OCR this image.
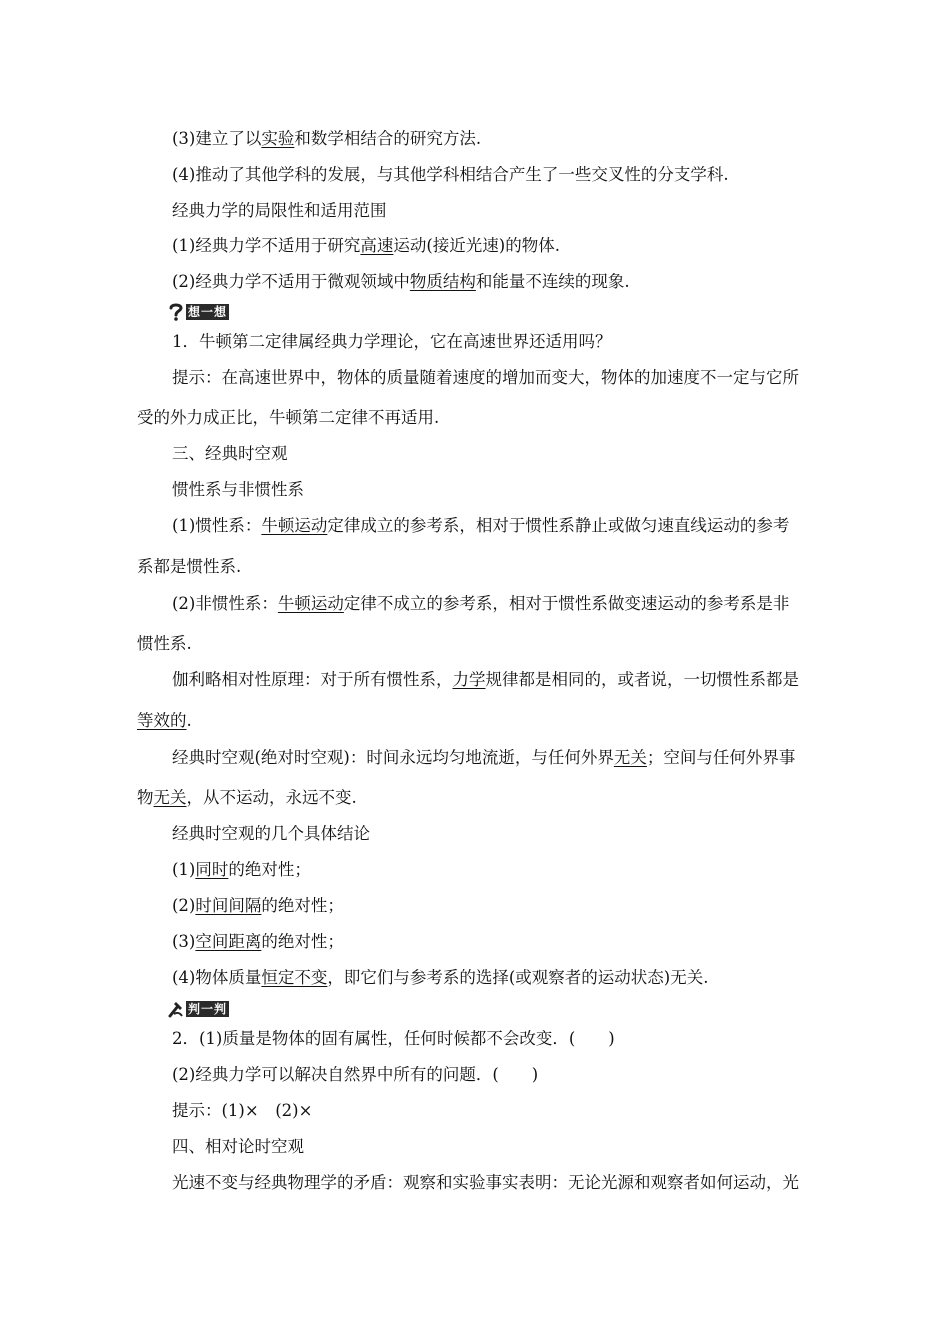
(3)建立了以实验和数学相结合的研究方法.
(4)推动了其他学科的发展，与其他学科相结合产生了一些交叉性的分支学科.
经典力学的局限性和适用范围
(1)经典力学不适用于研究高速运动(接近光速)的物体.
(2)经典力学不适用于微观领域中物质结构和能量不连续的现象.
想一想
1．牛顿第二定律属经典力学理论，它在高速世界还适用吗？
提示：在高速世界中，物体的质量随着速度的增加而变大，物体的加速度不一定与它所
受的外力成正比，牛顿第二定律不再适用.
三、经典时空观
惯性系与非惯性系
(1)惯性系：牛顿运动定律成立的参考系，相对于惯性系静止或做匀速直线运动的参考
系都是惯性系.
(2)非惯性系：牛顿运动定律不成立的参考系，相对于惯性系做变速运动的参考系是非
惯性系.
伽利略相对性原理：对于所有惯性系，力学规律都是相同的，或者说，一切惯性系都是
等效的.
经典时空观(绝对时空观)：时间永远均匀地流逝，与任何外界无关；空间与任何外界事
物无关，从不运动，永远不变.
经典时空观的几个具体结论
(1)同时的绝对性；
(2)时间间隔的绝对性；
(3)空间距离的绝对性；
(4)物体质量恒定不变，即它们与参考系的选择(或观察者的运动状态)无关.
判一判
2．(1)质量是物体的固有属性，任何时候都不会改变．(　　)
(2)经典力学可以解决自然界中所有的问题．(　　)
提示：(1)×　(2)×
四、相对论时空观
光速不变与经典物理学的矛盾：观察和实验事实表明：无论光源和观察者如何运动，光
